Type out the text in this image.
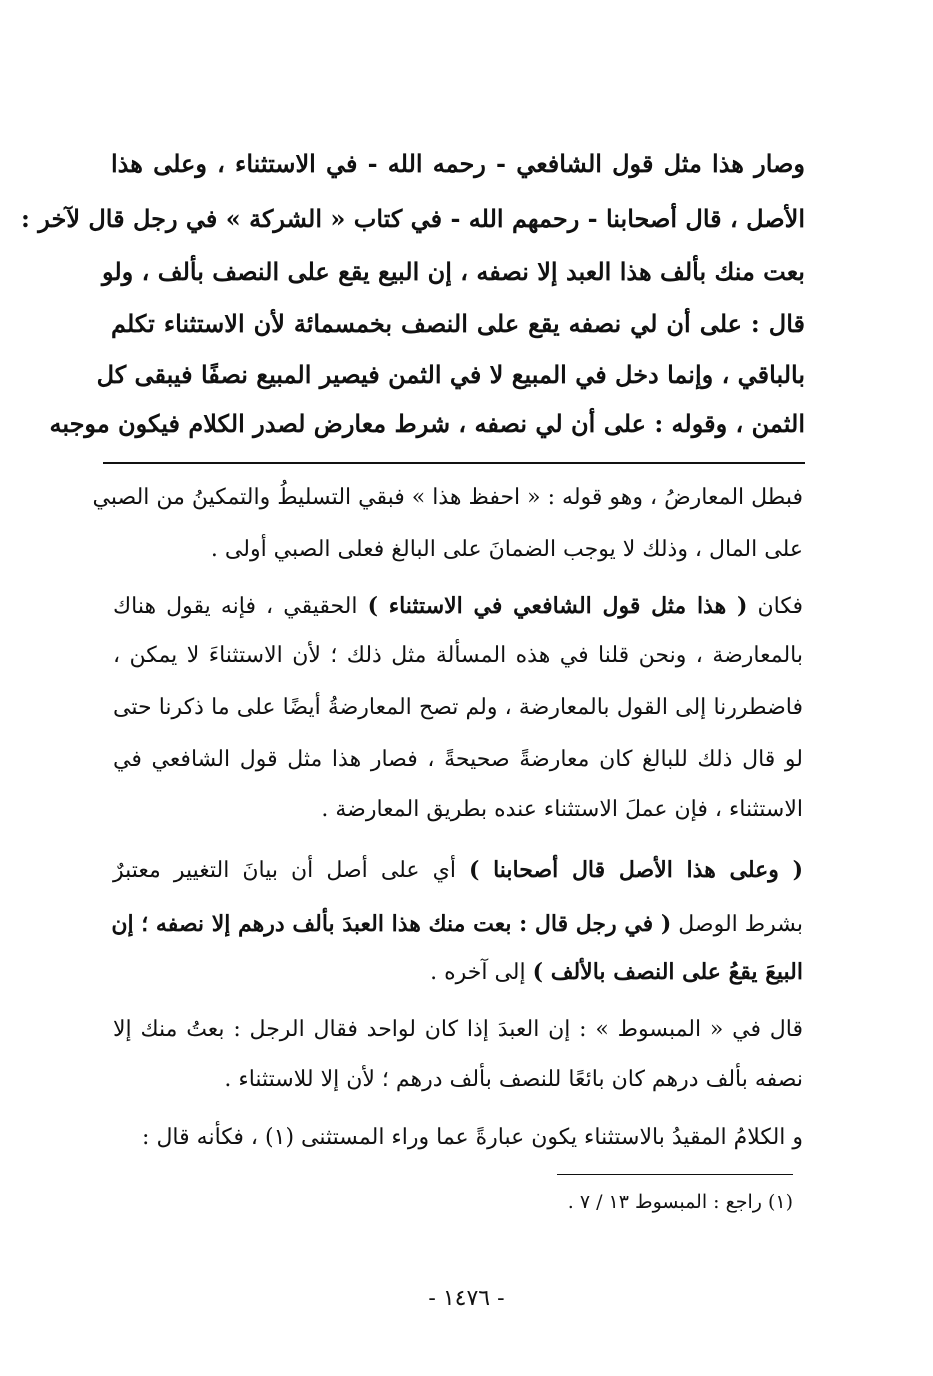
وصار هذا مثل قول الشافعي - رحمه الله - في الاستثناء ، وعلى هذا
الأصل ، قال أصحابنا - رحمهم الله - في كتاب « الشركة » في رجل قال لآخر :
بعت منك بألف هذا العبد إلا نصفه ، إن البيع يقع على النصف بألف ، ولو
قال : على أن لي نصفه يقع على النصف بخمسمائة لأن الاستثناء تكلم
بالباقي ، وإنما دخل في المبيع لا في الثمن فيصير المبيع نصفًا فيبقى كل
الثمن ، وقوله : على أن لي نصفه ، شرط معارض لصدر الكلام فيكون موجبه
فبطل المعارضُ ، وهو قوله : « احفظ هذا » فبقي التسليطُ والتمكينُ من الصبي
على المال ، وذلك لا يوجب الضمانَ على البالغ فعلى الصبي أولى .
فكان ( هذا مثل قول الشافعي في الاستثناء ) الحقيقي ، فإنه يقول هناك
بالمعارضة ، ونحن قلنا في هذه المسألة مثل ذلك ؛ لأن الاستثناءَ لا يمكن ،
فاضطررنا إلى القول بالمعارضة ، ولم تصح المعارضةُ أيضًا على ما ذكرنا حتى
لو قال ذلك للبالغ كان معارضةً صحيحةً ، فصار هذا مثل قول الشافعي في
الاستثناء ، فإن عملَ الاستثناء عنده بطريق المعارضة .
( وعلى هذا الأصل قال أصحابنا ) أي على أصل أن بيانَ التغيير معتبرٌ
بشرط الوصل ( في رجل قال : بعت منك هذا العبدَ بألف درهم إلا نصفه ؛ إن
البيعَ يقعُ على النصف بالألف ) إلى آخره .
قال في « المبسوط » : إن العبدَ إذا كان لواحد فقال الرجل : بعتُ منك إلا
نصفه بألف درهم كان بائعًا للنصف بألف درهم ؛ لأن إلا للاستثناء .
و الكلامُ المقيدُ بالاستثناء يكون عبارةً عما وراء المستثنى (١) ، فكأنه قال :
(١) راجع : المبسوط ١٣ / ٧ .
- ١٤٧٦ -
